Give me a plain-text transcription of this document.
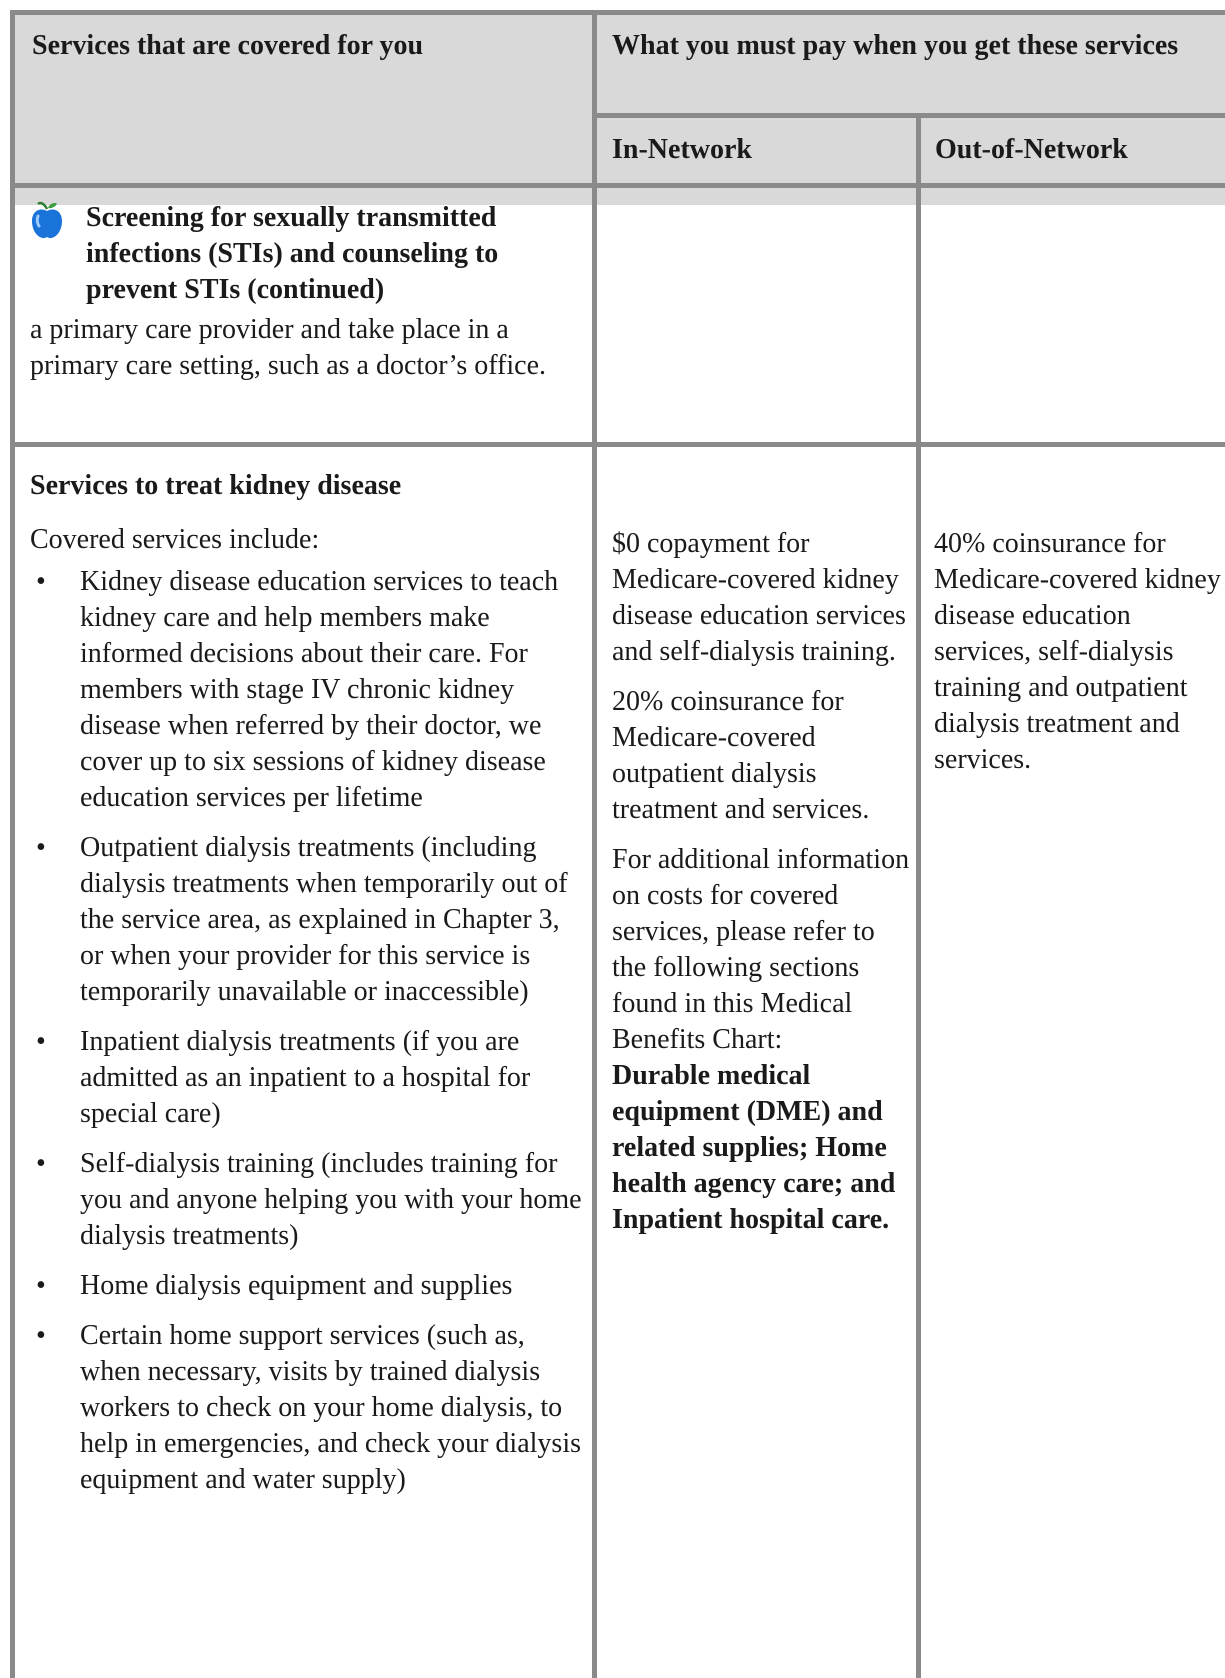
Services that are covered for you	What you must pay when you get these services
In-Network	Out-of-Network
Screening for sexually transmitted infections (STIs) and counseling to prevent STIs (continued)
a primary care provider and take place in a primary care setting, such as a doctor’s office.
Services to treat kidney disease
Covered services include:
• Kidney disease education services to teach kidney care and help members make informed decisions about their care. For members with stage IV chronic kidney disease when referred by their doctor, we cover up to six sessions of kidney disease education services per lifetime
• Outpatient dialysis treatments (including dialysis treatments when temporarily out of the service area, as explained in Chapter 3, or when your provider for this service is temporarily unavailable or inaccessible)
• Inpatient dialysis treatments (if you are admitted as an inpatient to a hospital for special care)
• Self-dialysis training (includes training for you and anyone helping you with your home dialysis treatments)
• Home dialysis equipment and supplies
• Certain home support services (such as, when necessary, visits by trained dialysis workers to check on your home dialysis, to help in emergencies, and check your dialysis equipment and water supply)

$0 copayment for Medicare-covered kidney disease education services and self-dialysis training.

20% coinsurance for Medicare-covered outpatient dialysis treatment and services.

For additional information on costs for covered services, please refer to the following sections found in this Medical Benefits Chart:

Durable medical equipment (DME) and related supplies; Home health agency care; and Inpatient hospital care.

40% coinsurance for Medicare-covered kidney disease education services, self-dialysis training and outpatient dialysis treatment and services.
